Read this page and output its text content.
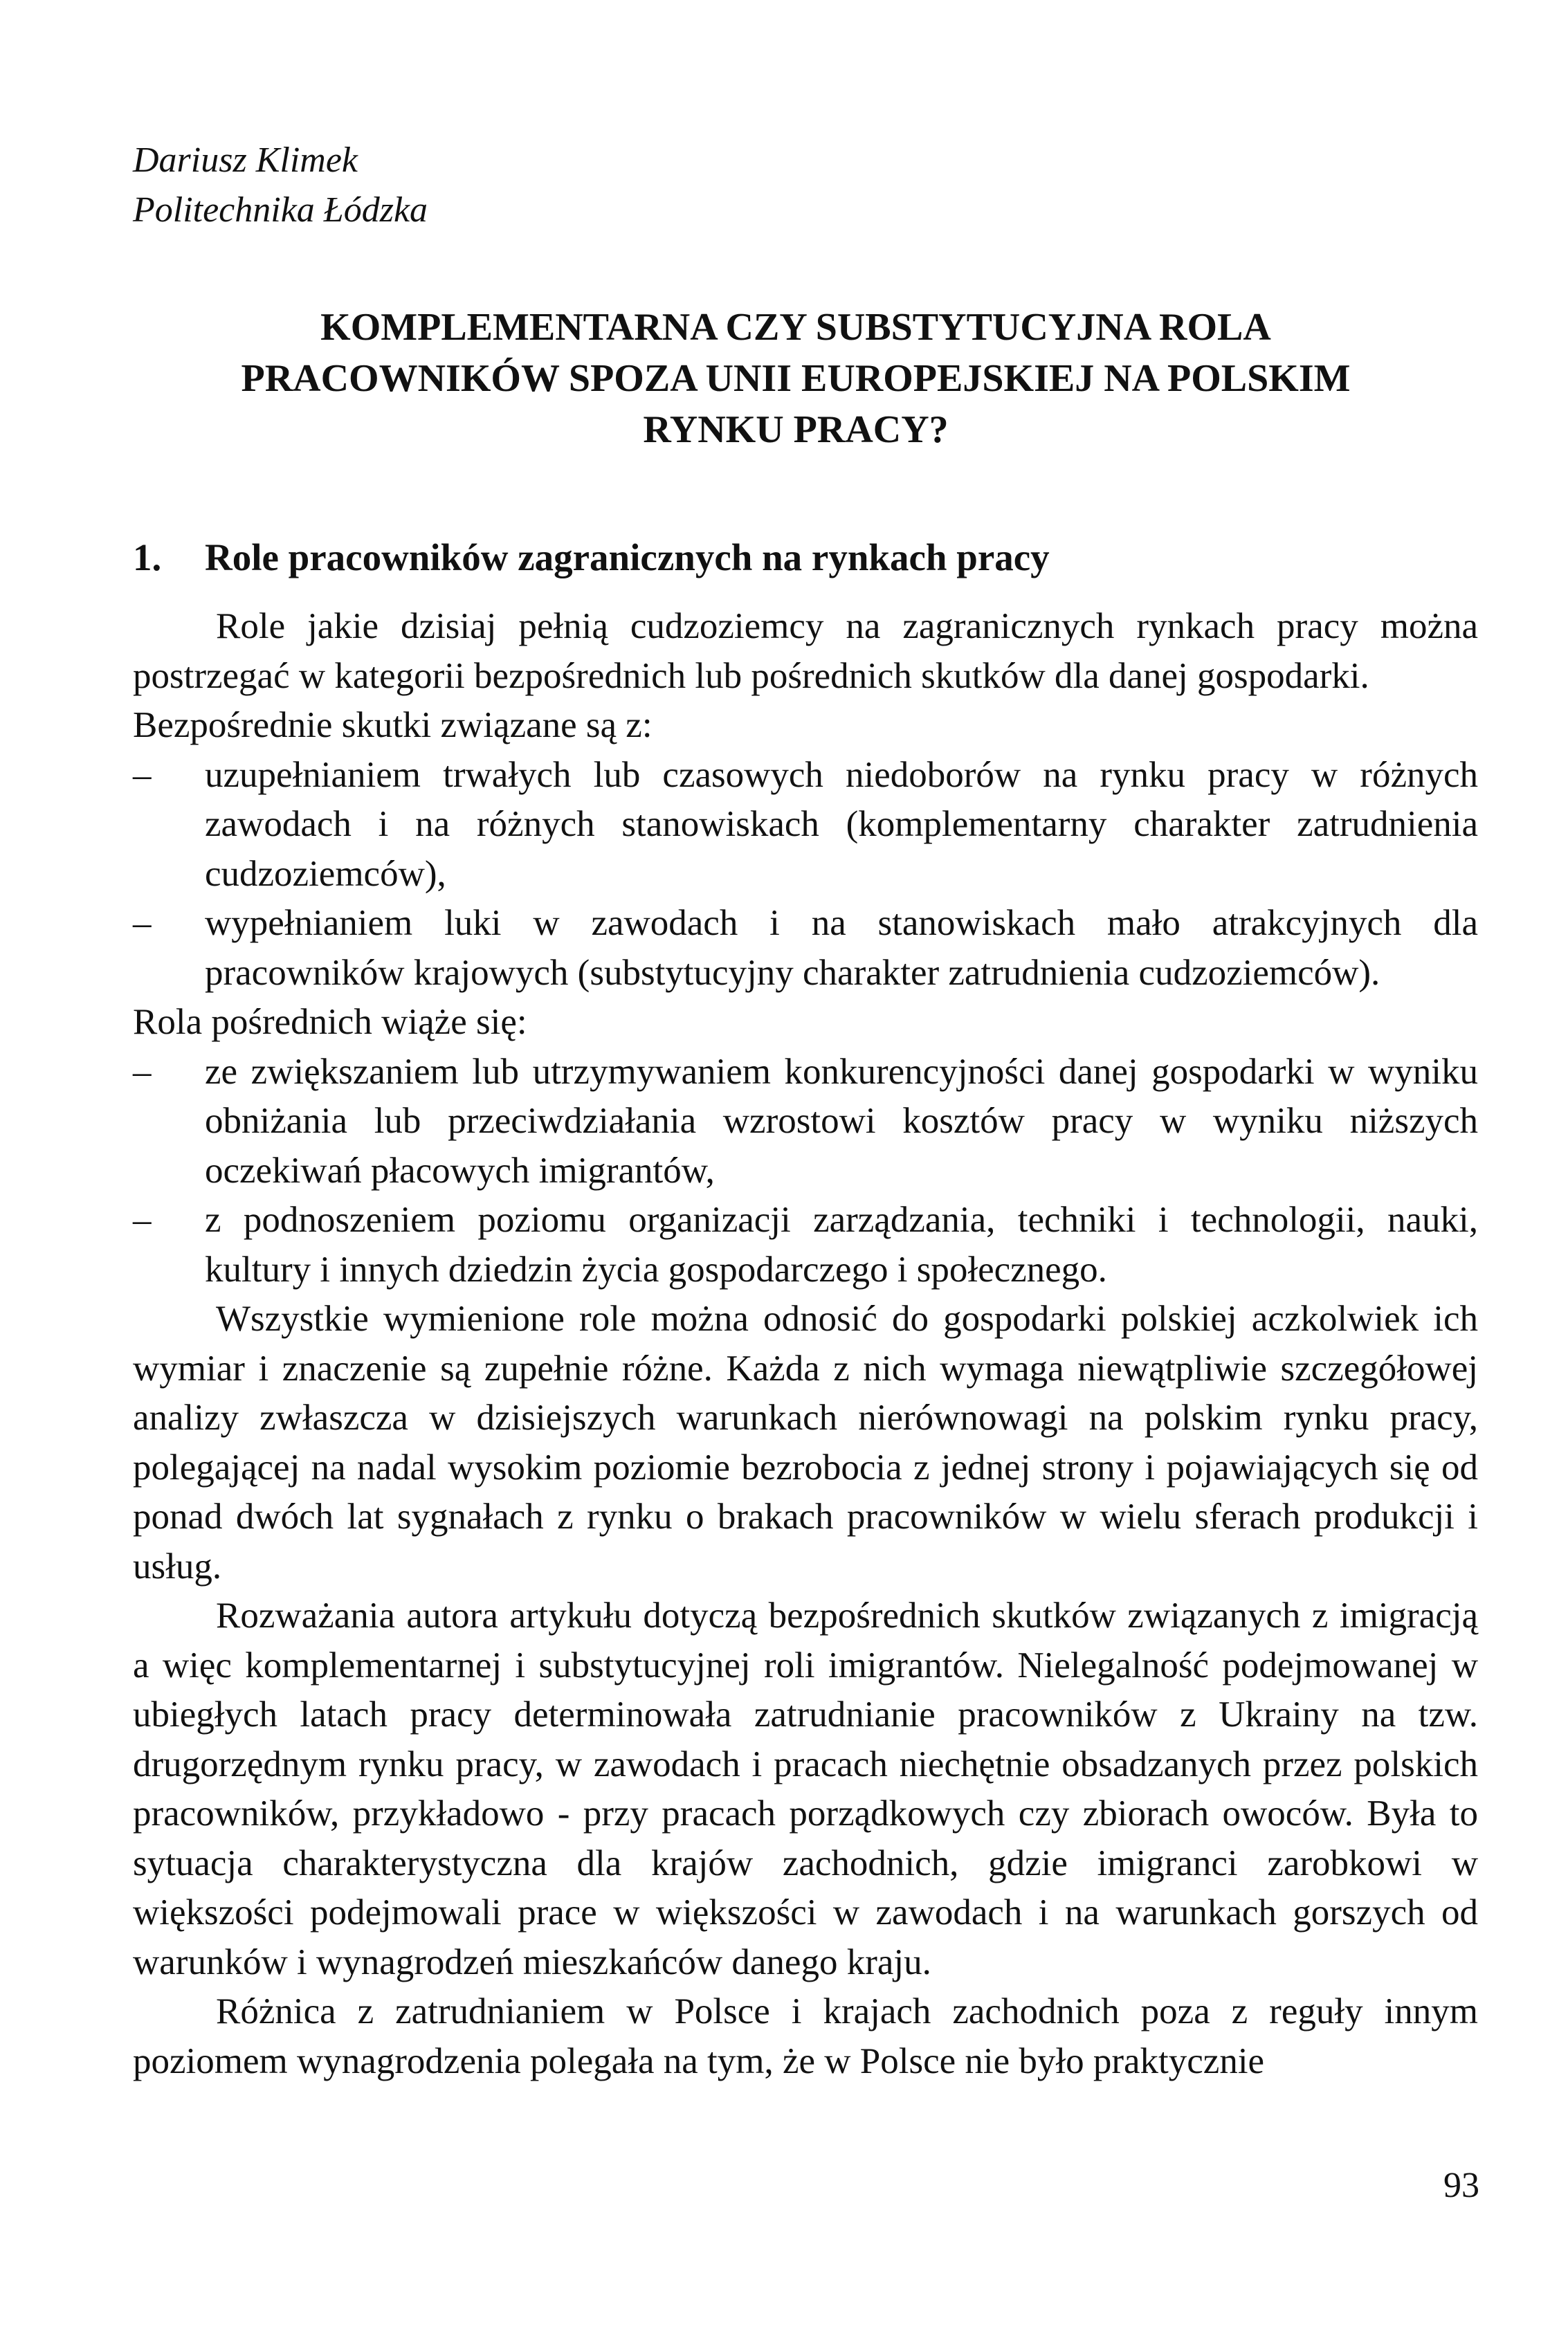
Dariusz Klimek
Politechnika Łódzka
KOMPLEMENTARNA CZY SUBSTYTUCYJNA ROLA
PRACOWNIKÓW SPOZA UNII EUROPEJSKIEJ NA POLSKIM
RYNKU PRACY?
1. Role pracowników zagranicznych na rynkach pracy

Role jakie dzisiaj pełnią cudzoziemcy na zagranicznych rynkach pracy można postrzegać w kategorii bezpośrednich lub pośrednich skutków dla danej gospodarki.

Bezpośrednie skutki związane są z:

– uzupełnianiem trwałych lub czasowych niedoborów na rynku pracy w różnych zawodach i na różnych stanowiskach (komplementarny charakter zatrudnienia cudzoziemców),
– wypełnianiem luki w zawodach i na stanowiskach mało atrakcyjnych dla pracowników krajowych (substytucyjny charakter zatrudnienia cudzoziemców).

Rola pośrednich wiąże się:

– ze zwiększaniem lub utrzymywaniem konkurencyjności danej gospodarki w wyniku obniżania lub przeciwdziałania wzrostowi kosztów pracy w wyniku niższych oczekiwań płacowych imigrantów,
– z podnoszeniem poziomu organizacji zarządzania, techniki i technologii, nauki, kultury i innych dziedzin życia gospodarczego i społecznego.

Wszystkie wymienione role można odnosić do gospodarki polskiej aczkolwiek ich wymiar i znaczenie są zupełnie różne. Każda z nich wymaga niewątpliwie szczegółowej analizy zwłaszcza w dzisiejszych warunkach nierównowagi na polskim rynku pracy, polegającej na nadal wysokim poziomie bezrobocia z jednej strony i pojawiających się od ponad dwóch lat sygnałach z rynku o brakach pracowników w wielu sferach produkcji i usług.

Rozważania autora artykułu dotyczą bezpośrednich skutków związanych z imigracją a więc komplementarnej i substytucyjnej roli imigrantów. Nielegalność podejmowanej w ubiegłych latach pracy determinowała zatrudnianie pracowników z Ukrainy na tzw. drugorzędnym rynku pracy, w zawodach i pracach niechętnie obsadzanych przez polskich pracowników, przykładowo - przy pracach porządkowych czy zbiorach owoców. Była to sytuacja charakterystyczna dla krajów zachodnich, gdzie imigranci zarobkowi w większości podejmowali prace w większości w zawodach i na warunkach gorszych od warunków i wynagrodzeń mieszkańców danego kraju.

Różnica z zatrudnianiem w Polsce i krajach zachodnich poza z reguły innym poziomem wynagrodzenia polegała na tym, że w Polsce nie było praktycznie

93
